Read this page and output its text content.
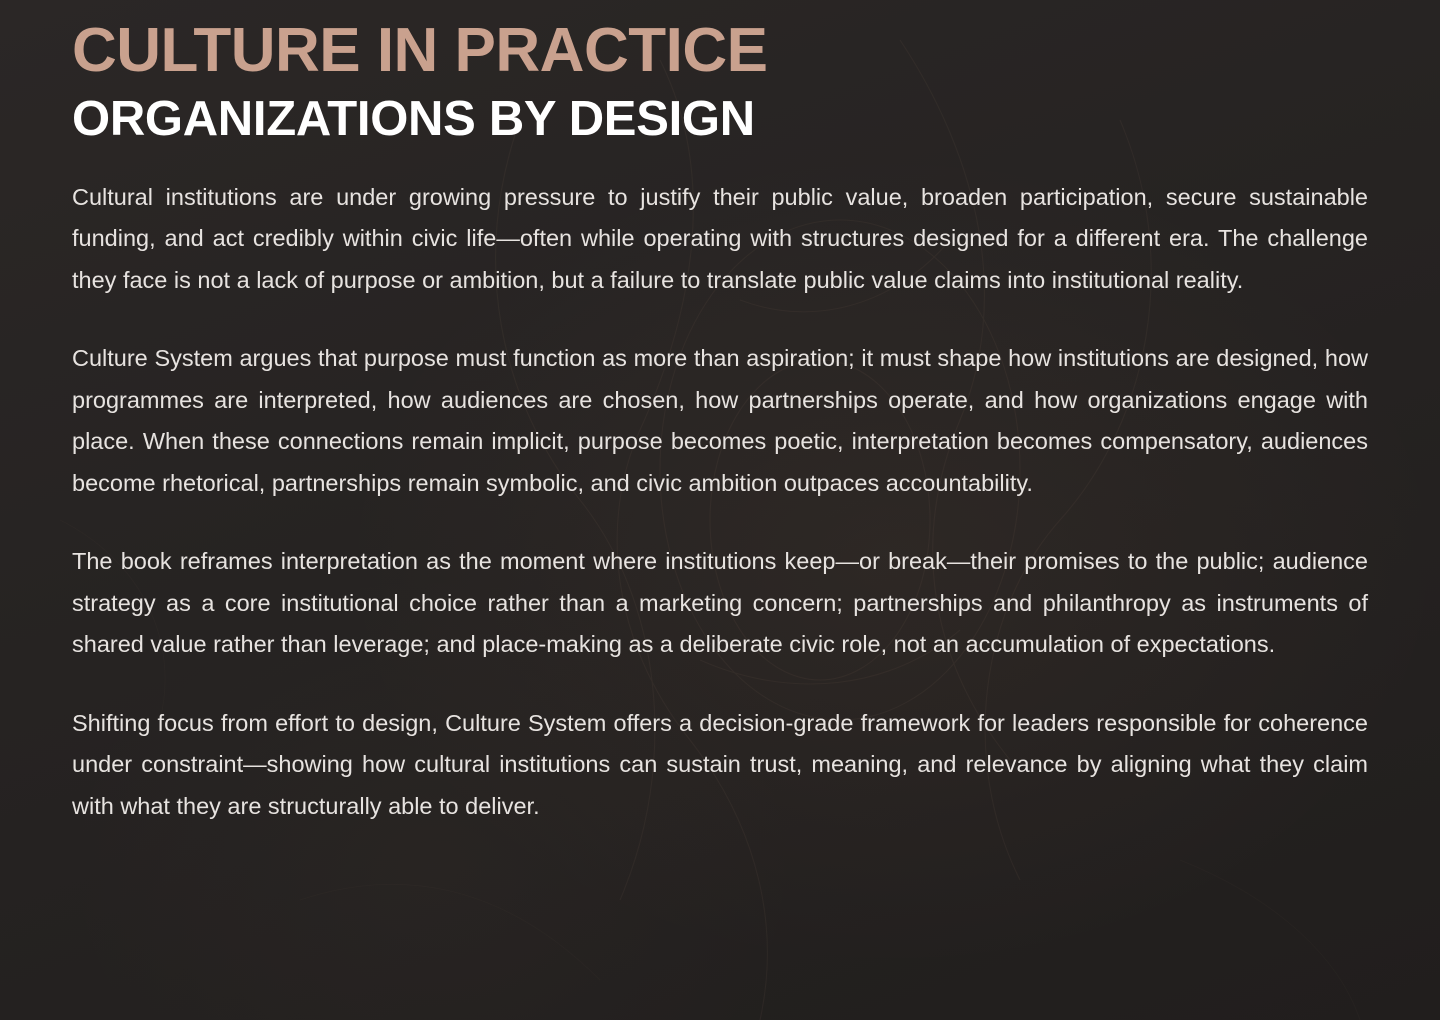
CULTURE IN PRACTICE
ORGANIZATIONS BY DESIGN

Cultural institutions are under growing pressure to justify their public value, broaden participation, secure sustainable funding, and act credibly within civic life—often while operating with structures designed for a different era. The challenge they face is not a lack of purpose or ambition, but a failure to translate public value claims into institutional reality.

Culture System argues that purpose must function as more than aspiration; it must shape how institutions are designed, how programmes are interpreted, how audiences are chosen, how partnerships operate, and how organizations engage with place. When these connections remain implicit, purpose becomes poetic, interpretation becomes compensatory, audiences become rhetorical, partnerships remain symbolic, and civic ambition outpaces accountability.

The book reframes interpretation as the moment where institutions keep—or break—their promises to the public; audience strategy as a core institutional choice rather than a marketing concern; partnerships and philanthropy as instruments of shared value rather than leverage; and place-making as a deliberate civic role, not an accumulation of expectations.

Shifting focus from effort to design, Culture System offers a decision-grade framework for leaders responsible for coherence under constraint—showing how cultural institutions can sustain trust, meaning, and relevance by aligning what they claim with what they are structurally able to deliver.
